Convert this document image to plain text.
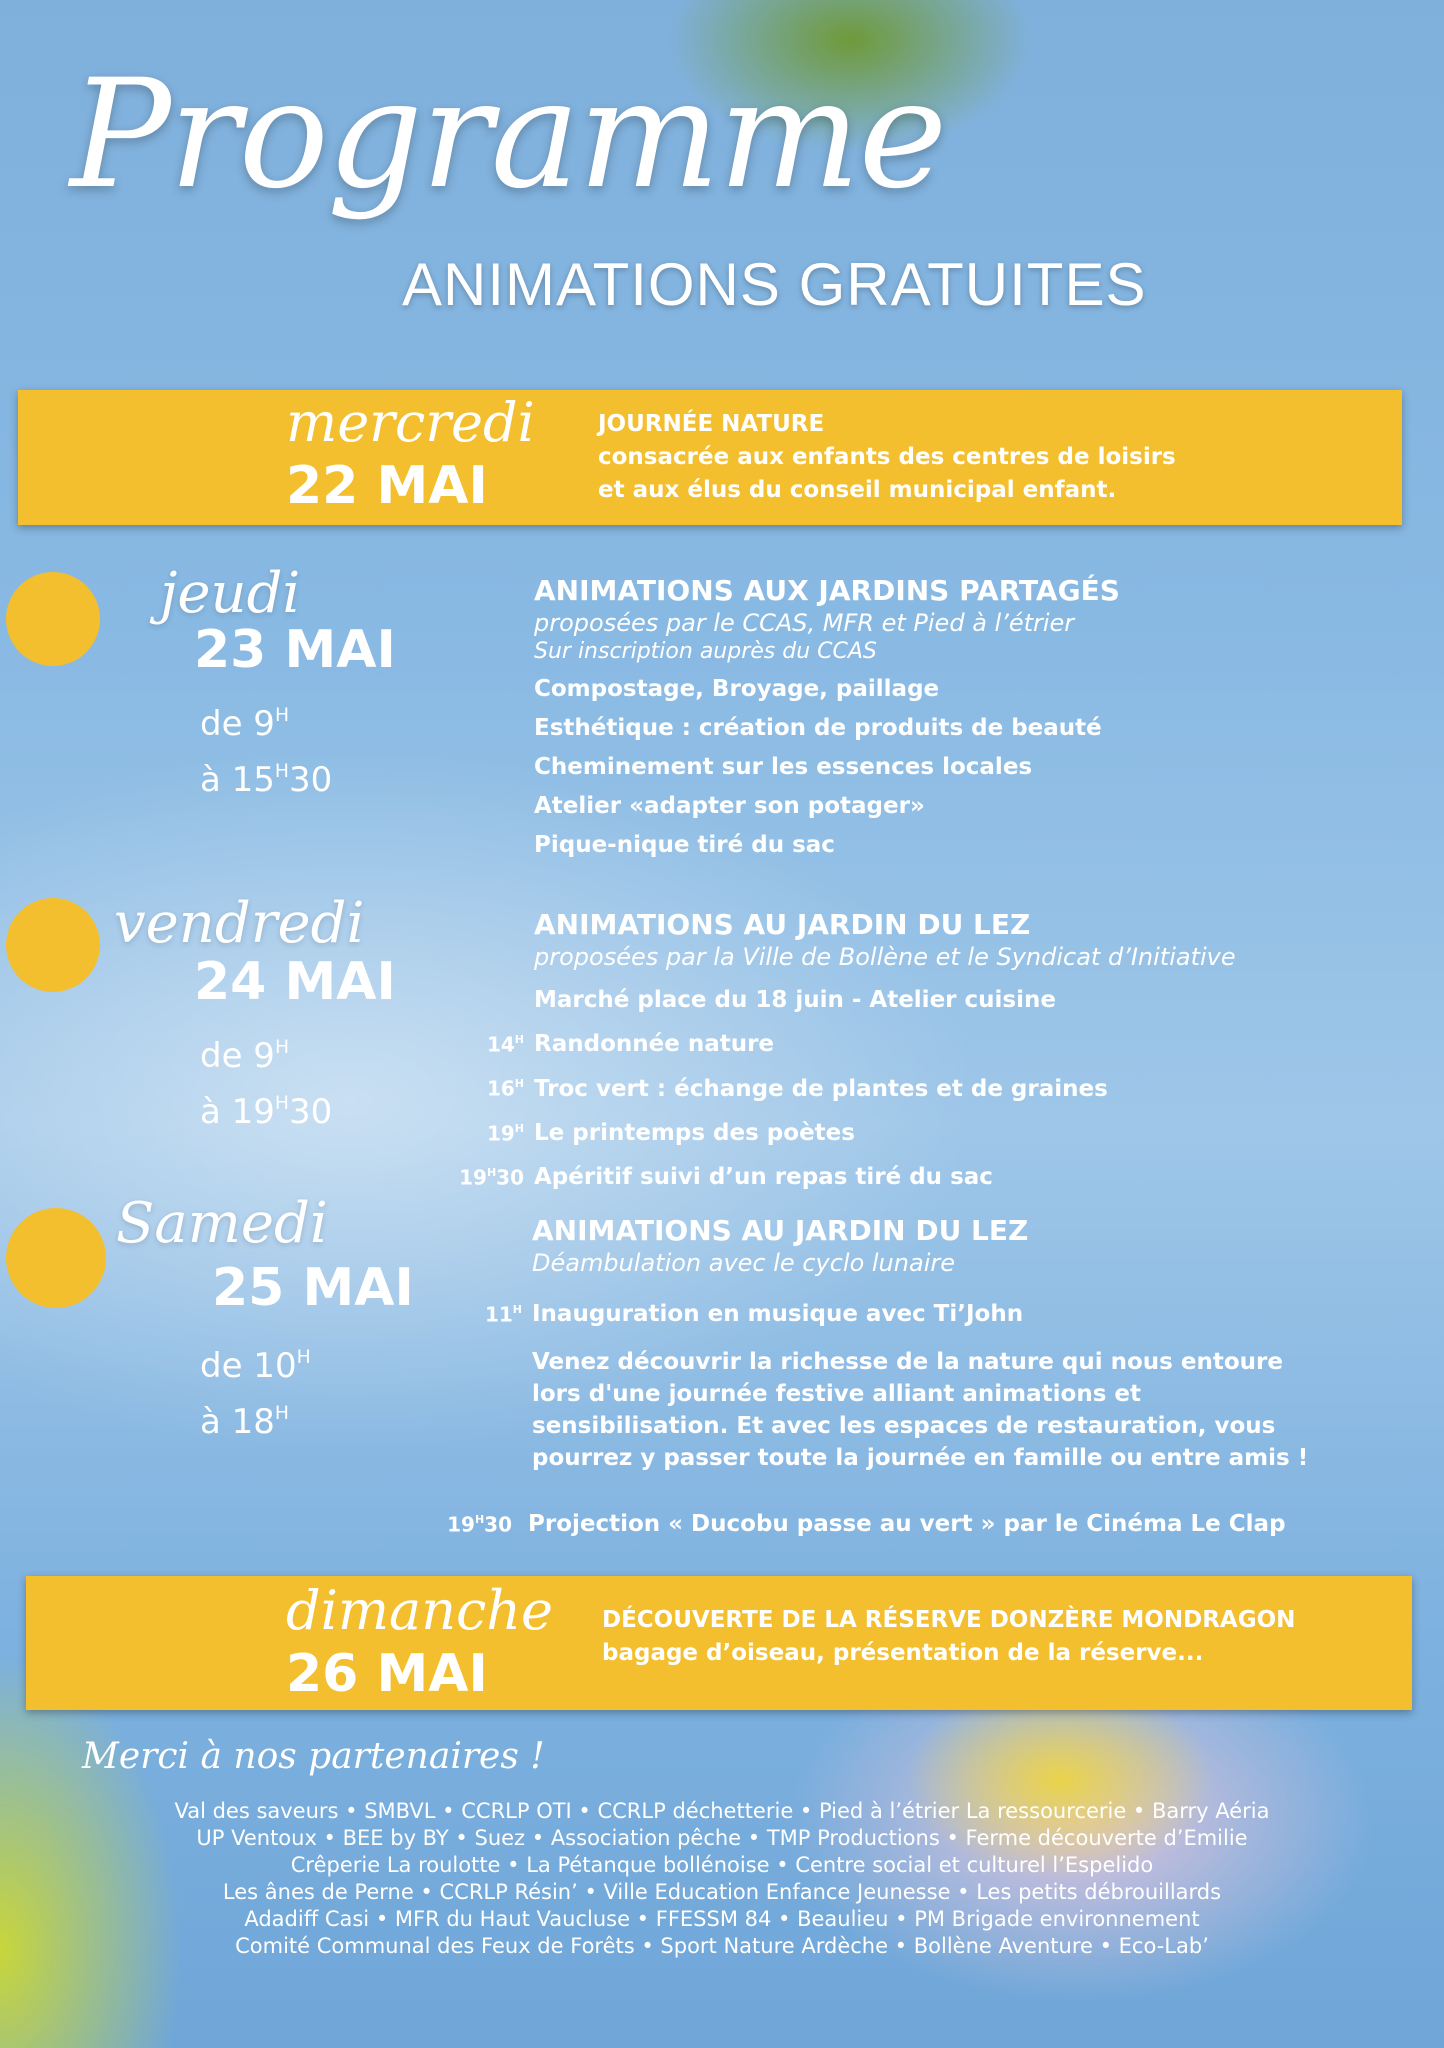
Programme
ANIMATIONS GRATUITES
mercredi
22 MAI
JOURNÉE NATURE
consacrée aux enfants des centres de loisirs
et aux élus du conseil municipal enfant.
jeudi
23 MAI
de $9^H$
à $15^H30$
ANIMATIONS AUX JARDINS PARTAGÉS
proposées par le CCAS, MFR et Pied à l’étrier
Sur inscription auprès du CCAS
Compostage, Broyage, paillage
Esthétique : création de produits de beauté
Cheminement sur les essences locales
Atelier «adapter son potager»
Pique-nique tiré du sac
vendredi
24 MAI
de $9^H$
à $19^H30$
ANIMATIONS AU JARDIN DU LEZ
proposées par la Ville de Bollène et le Syndicat d’Initiative
Marché place du 18 juin - Atelier cuisine
$14^H$ Randonnée nature
$16^H$ Troc vert : échange de plantes et de graines
$19^H$ Le printemps des poètes
$19^H30$ Apéritif suivi d’un repas tiré du sac
Samedi
25 MAI
de $10^H$
à $18^H$
ANIMATIONS AU JARDIN DU LEZ
Déambulation avec le cyclo lunaire
$11^H$ Inauguration en musique avec Ti’John
Venez découvrir la richesse de la nature qui nous entoure
lors d'une journée festive alliant animations et
sensibilisation. Et avec les espaces de restauration, vous
pourrez y passer toute la journée en famille ou entre amis !
$19^H30$ Projection « Ducobu passe au vert » par le Cinéma Le Clap
dimanche
26 MAI
DÉCOUVERTE DE LA RÉSERVE DONZÈRE MONDRAGON
bagage d’oiseau, présentation de la réserve...
Merci à nos partenaires !
Val des saveurs • SMBVL • CCRLP OTI • CCRLP déchetterie • Pied à l’étrier La ressourcerie • Barry Aéria
UP Ventoux • BEE by BY • Suez • Association pêche • TMP Productions • Ferme découverte d’Emilie
Crêperie La roulotte • La Pétanque bollénoise • Centre social et culturel l’Espelido
Les ânes de Perne • CCRLP Résin’ • Ville Education Enfance Jeunesse • Les petits débrouillards
Adadiff Casi • MFR du Haut Vaucluse • FFESSM 84 • Beaulieu • PM Brigade environnement
Comité Communal des Feux de Forêts • Sport Nature Ardèche • Bollène Aventure • Eco-Lab’
